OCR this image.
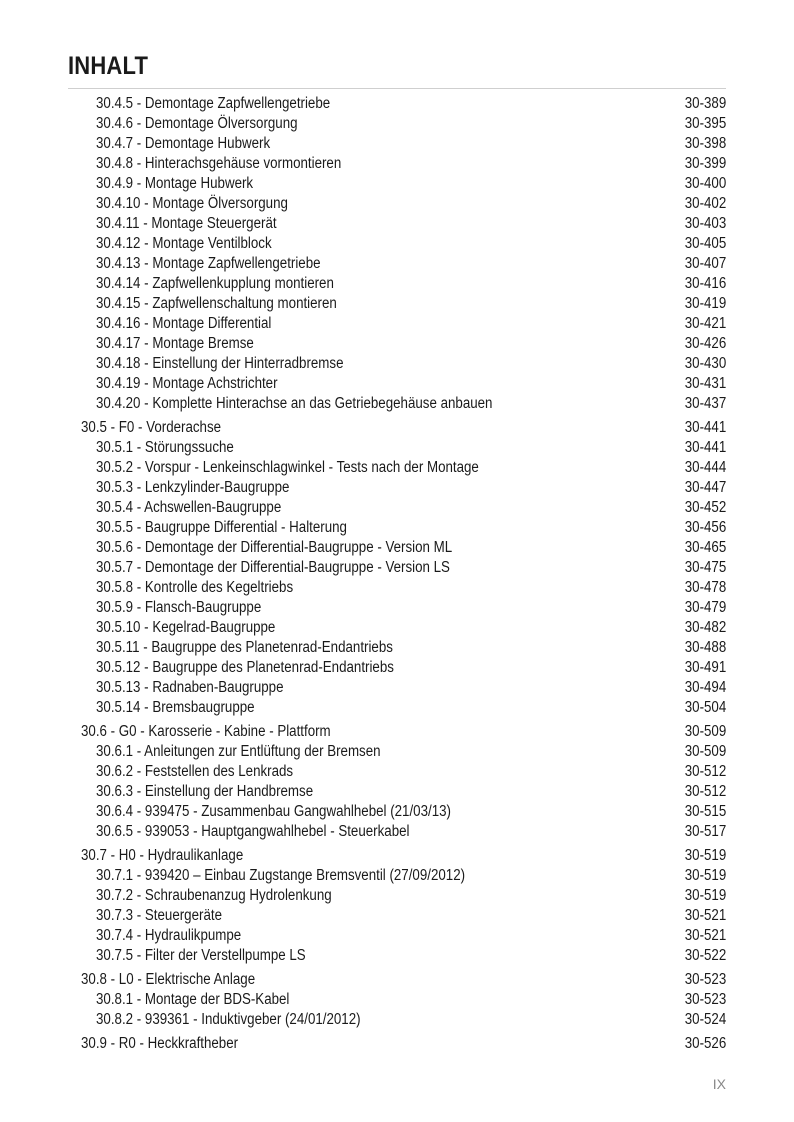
INHALT
30.4.5 - Demontage Zapfwellengetriebe	30-389
30.4.6 - Demontage Ölversorgung	30-395
30.4.7 - Demontage Hubwerk	30-398
30.4.8 - Hinterachsgehäuse vormontieren	30-399
30.4.9 - Montage Hubwerk	30-400
30.4.10 - Montage Ölversorgung	30-402
30.4.11 - Montage Steuergerät	30-403
30.4.12 - Montage Ventilblock	30-405
30.4.13 - Montage Zapfwellengetriebe	30-407
30.4.14 - Zapfwellenkupplung montieren	30-416
30.4.15 - Zapfwellenschaltung montieren	30-419
30.4.16 - Montage Differential	30-421
30.4.17 - Montage Bremse	30-426
30.4.18 - Einstellung der Hinterradbremse	30-430
30.4.19 - Montage Achstrichter	30-431
30.4.20 - Komplette Hinterachse an das Getriebegehäuse anbauen	30-437
30.5 - F0 - Vorderachse	30-441
30.5.1 - Störungssuche	30-441
30.5.2 - Vorspur - Lenkeinschlagwinkel - Tests nach der Montage	30-444
30.5.3 - Lenkzylinder-Baugruppe	30-447
30.5.4 - Achswellen-Baugruppe	30-452
30.5.5 - Baugruppe Differential - Halterung	30-456
30.5.6 - Demontage der Differential-Baugruppe - Version ML	30-465
30.5.7 - Demontage der Differential-Baugruppe - Version LS	30-475
30.5.8 - Kontrolle des Kegeltriebs	30-478
30.5.9 - Flansch-Baugruppe	30-479
30.5.10 - Kegelrad-Baugruppe	30-482
30.5.11 - Baugruppe des Planetenrad-Endantriebs	30-488
30.5.12 - Baugruppe des Planetenrad-Endantriebs	30-491
30.5.13 - Radnaben-Baugruppe	30-494
30.5.14 - Bremsbaugruppe	30-504
30.6 - G0 - Karosserie - Kabine - Plattform	30-509
30.6.1 - Anleitungen zur Entlüftung der Bremsen	30-509
30.6.2 - Feststellen des Lenkrads	30-512
30.6.3 - Einstellung der Handbremse	30-512
30.6.4 - 939475 - Zusammenbau Gangwahlhebel (21/03/13)	30-515
30.6.5 - 939053 - Hauptgangwahlhebel - Steuerkabel	30-517
30.7 - H0 - Hydraulikanlage	30-519
30.7.1 - 939420 – Einbau Zugstange Bremsventil (27/09/2012)	30-519
30.7.2 - Schraubenanzug Hydrolenkung	30-519
30.7.3 - Steuergeräte	30-521
30.7.4 - Hydraulikpumpe	30-521
30.7.5 - Filter der Verstellpumpe LS	30-522
30.8 - L0 - Elektrische Anlage	30-523
30.8.1 - Montage der BDS-Kabel	30-523
30.8.2 - 939361 - Induktivgeber (24/01/2012)	30-524
30.9 - R0 - Heckkraftheber	30-526
IX
